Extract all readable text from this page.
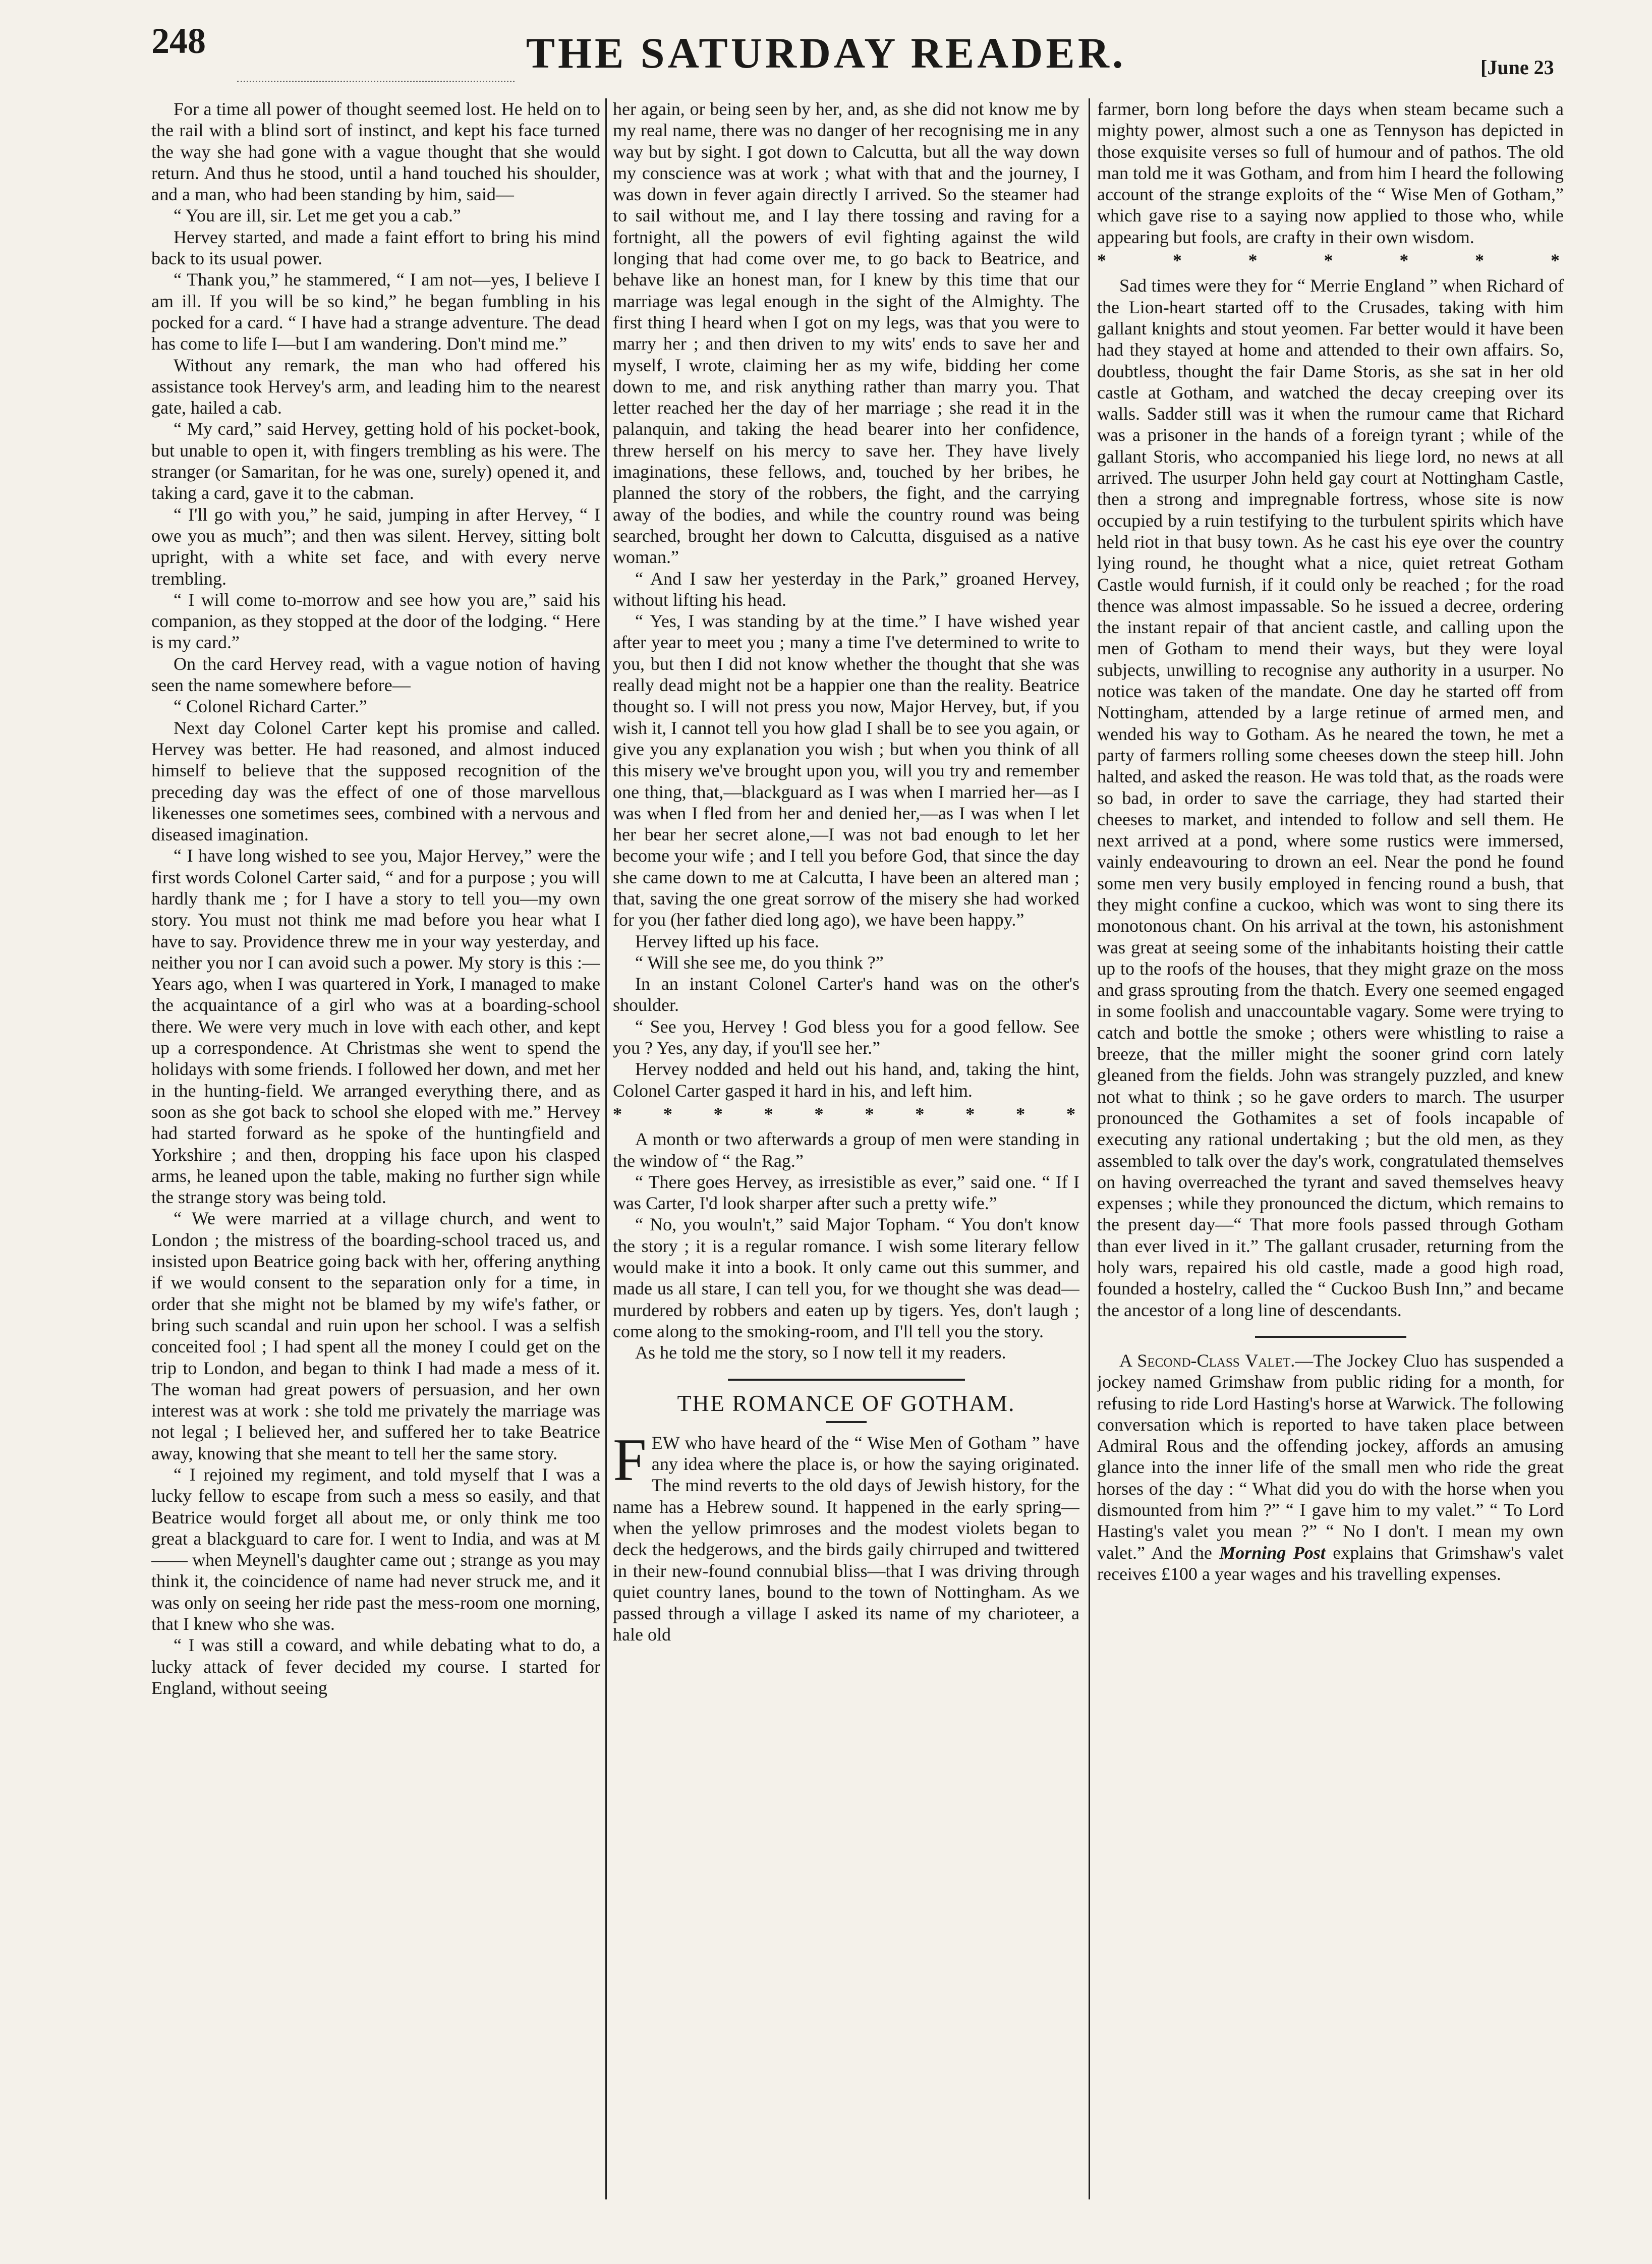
248	THE SATURDAY READER.	[June 23

For a time all power of thought seemed lost. He held on to the rail with a blind sort of instinct, and kept his face turned the way she had gone with a vague thought that she would return. And thus he stood, until a hand touched his shoulder, and a man, who had been standing by him, said—

“ You are ill, sir. Let me get you a cab.”

Hervey started, and made a faint effort to bring his mind back to its usual power.

“ Thank you,” he stammered, “ I am not—yes, I believe I am ill. If you will be so kind,” he began fumbling in his pocked for a card. “ I have had a strange adventure. The dead has come to life I—but I am wandering. Don't mind me.”

Without any remark, the man who had offered his assistance took Hervey's arm, and leading him to the nearest gate, hailed a cab.

“ My card,” said Hervey, getting hold of his pocket-book, but unable to open it, with fingers trembling as his were. The stranger (or Samaritan, for he was one, surely) opened it, and taking a card, gave it to the cabman.

“ I'll go with you,” he said, jumping in after Hervey, “ I owe you as much”; and then was silent. Hervey, sitting bolt upright, with a white set face, and with every nerve trembling.

“ I will come to-morrow and see how you are,” said his companion, as they stopped at the door of the lodging. “ Here is my card.”

On the card Hervey read, with a vague notion of having seen the name somewhere before—

“ Colonel Richard Carter.”

Next day Colonel Carter kept his promise and called. Hervey was better. He had reasoned, and almost induced himself to believe that the supposed recognition of the preceding day was the effect of one of those marvellous likenesses one sometimes sees, combined with a nervous and diseased imagination.

“ I have long wished to see you, Major Hervey,” were the first words Colonel Carter said, “ and for a purpose ; you will hardly thank me ; for I have a story to tell you—my own story. You must not think me mad before you hear what I have to say. Providence threw me in your way yesterday, and neither you nor I can avoid such a power. My story is this :—Years ago, when I was quartered in York, I managed to make the acquaintance of a girl who was at a boarding-school there. We were very much in love with each other, and kept up a correspondence. At Christmas she went to spend the holidays with some friends. I followed her down, and met her in the hunting-field. We arranged everything there, and as soon as she got back to school she eloped with me.” Hervey had started forward as he spoke of the huntingfield and Yorkshire ; and then, dropping his face upon his clasped arms, he leaned upon the table, making no further sign while the strange story was being told.

“ We were married at a village church, and went to London ; the mistress of the boarding-school traced us, and insisted upon Beatrice going back with her, offering anything if we would consent to the separation only for a time, in order that she might not be blamed by my wife's father, or bring such scandal and ruin upon her school. I was a selfish conceited fool ; I had spent all the money I could get on the trip to London, and began to think I had made a mess of it. The woman had great powers of persuasion, and her own interest was at work : she told me privately the marriage was not legal ; I believed her, and suffered her to take Beatrice away, knowing that she meant to tell her the same story.

“ I rejoined my regiment, and told myself that I was a lucky fellow to escape from such a mess so easily, and that Beatrice would forget all about me, or only think me too great a blackguard to care for. I went to India, and was at M—— when Meynell's daughter came out ; strange as you may think it, the coincidence of name had never struck me, and it was only on seeing her ride past the mess-room one morning, that I knew who she was.

“ I was still a coward, and while debating what to do, a lucky attack of fever decided my course. I started for England, without seeing

her again, or being seen by her, and, as she did not know me by my real name, there was no danger of her recognising me in any way but by sight. I got down to Calcutta, but all the way down my conscience was at work ; what with that and the journey, I was down in fever again directly I arrived. So the steamer had to sail without me, and I lay there tossing and raving for a fortnight, all the powers of evil fighting against the wild longing that had come over me, to go back to Beatrice, and behave like an honest man, for I knew by this time that our marriage was legal enough in the sight of the Almighty. The first thing I heard when I got on my legs, was that you were to marry her ; and then driven to my wits' ends to save her and myself, I wrote, claiming her as my wife, bidding her come down to me, and risk anything rather than marry you. That letter reached her the day of her marriage ; she read it in the palanquin, and taking the head bearer into her confidence, threw herself on his mercy to save her. They have lively imaginations, these fellows, and, touched by her bribes, he planned the story of the robbers, the fight, and the carrying away of the bodies, and while the country round was being searched, brought her down to Calcutta, disguised as a native woman.”

“ And I saw her yesterday in the Park,” groaned Hervey, without lifting his head.

“ Yes, I was standing by at the time.” I have wished year after year to meet you ; many a time I've determined to write to you, but then I did not know whether the thought that she was really dead might not be a happier one than the reality. Beatrice thought so. I will not press you now, Major Hervey, but, if you wish it, I cannot tell you how glad I shall be to see you again, or give you any explanation you wish ; but when you think of all this misery we've brought upon you, will you try and remember one thing, that,—blackguard as I was when I married her—as I was when I fled from her and denied her,—as I was when I let her bear her secret alone,—I was not bad enough to let her become your wife ; and I tell you before God, that since the day she came down to me at Calcutta, I have been an altered man ; that, saving the one great sorrow of the misery she had worked for you (her father died long ago), we have been happy.”

Hervey lifted up his face.

“ Will she see me, do you think ?”

In an instant Colonel Carter's hand was on the other's shoulder.

“ See you, Hervey ! God bless you for a good fellow. See you ? Yes, any day, if you'll see her.”

Hervey nodded and held out his hand, and, taking the hint, Colonel Carter gasped it hard in his, and left him.

* * * * * * * * * *

A month or two afterwards a group of men were standing in the window of “ the Rag.”

“ There goes Hervey, as irresistible as ever,” said one. “ If I was Carter, I'd look sharper after such a pretty wife.”

“ No, you wouln't,” said Major Topham. “ You don't know the story ; it is a regular romance. I wish some literary fellow would make it into a book. It only came out this summer, and made us all stare, I can tell you, for we thought she was dead—murdered by robbers and eaten up by tigers. Yes, don't laugh ; come along to the smoking-room, and I'll tell you the story.

As he told me the story, so I now tell it my readers.

THE ROMANCE OF GOTHAM.

FEW who have heard of the “ Wise Men of Gotham ” have any idea where the place is, or how the saying originated. The mind reverts to the old days of Jewish history, for the name has a Hebrew sound. It happened in the early spring—when the yellow primroses and the modest violets began to deck the hedgerows, and the birds gaily chirruped and twittered in their new-found connubial bliss—that I was driving through quiet country lanes, bound to the town of Nottingham. As we passed through a village I asked its name of my charioteer, a hale old

farmer, born long before the days when steam became such a mighty power, almost such a one as Tennyson has depicted in those exquisite verses so full of humour and of pathos. The old man told me it was Gotham, and from him I heard the following account of the strange exploits of the “ Wise Men of Gotham,” which gave rise to a saying now applied to those who, while appearing but fools, are crafty in their own wisdom.

* * * * * * *

Sad times were they for “ Merrie England ” when Richard of the Lion-heart started off to the Crusades, taking with him gallant knights and stout yeomen. Far better would it have been had they stayed at home and attended to their own affairs. So, doubtless, thought the fair Dame Storis, as she sat in her old castle at Gotham, and watched the decay creeping over its walls. Sadder still was it when the rumour came that Richard was a prisoner in the hands of a foreign tyrant ; while of the gallant Storis, who accompanied his liege lord, no news at all arrived. The usurper John held gay court at Nottingham Castle, then a strong and impregnable fortress, whose site is now occupied by a ruin testifying to the turbulent spirits which have held riot in that busy town. As he cast his eye over the country lying round, he thought what a nice, quiet retreat Gotham Castle would furnish, if it could only be reached ; for the road thence was almost impassable. So he issued a decree, ordering the instant repair of that ancient castle, and calling upon the men of Gotham to mend their ways, but they were loyal subjects, unwilling to recognise any authority in a usurper. No notice was taken of the mandate. One day he started off from Nottingham, attended by a large retinue of armed men, and wended his way to Gotham. As he neared the town, he met a party of farmers rolling some cheeses down the steep hill. John halted, and asked the reason. He was told that, as the roads were so bad, in order to save the carriage, they had started their cheeses to market, and intended to follow and sell them. He next arrived at a pond, where some rustics were immersed, vainly endeavouring to drown an eel. Near the pond he found some men very busily employed in fencing round a bush, that they might confine a cuckoo, which was wont to sing there its monotonous chant. On his arrival at the town, his astonishment was great at seeing some of the inhabitants hoisting their cattle up to the roofs of the houses, that they might graze on the moss and grass sprouting from the thatch. Every one seemed engaged in some foolish and unaccountable vagary. Some were trying to catch and bottle the smoke ; others were whistling to raise a breeze, that the miller might the sooner grind corn lately gleaned from the fields. John was strangely puzzled, and knew not what to think ; so he gave orders to march. The usurper pronounced the Gothamites a set of fools incapable of executing any rational undertaking ; but the old men, as they assembled to talk over the day's work, congratulated themselves on having overreached the tyrant and saved themselves heavy expenses ; while they pronounced the dictum, which remains to the present day—“ That more fools passed through Gotham than ever lived in it.” The gallant crusader, returning from the holy wars, repaired his old castle, made a good high road, founded a hostelry, called the “ Cuckoo Bush Inn,” and became the ancestor of a long line of descendants.

A Second-Class Valet.—The Jockey Cluo has suspended a jockey named Grimshaw from public riding for a month, for refusing to ride Lord Hasting's horse at Warwick. The following conversation which is reported to have taken place between Admiral Rous and the offending jockey, affords an amusing glance into the inner life of the small men who ride the great horses of the day : “ What did you do with the horse when you dismounted from him ?” “ I gave him to my valet.” “ To Lord Hasting's valet you mean ?” “ No I don't. I mean my own valet.” And the Morning Post explains that Grimshaw's valet receives £100 a year wages and his travelling expenses.
